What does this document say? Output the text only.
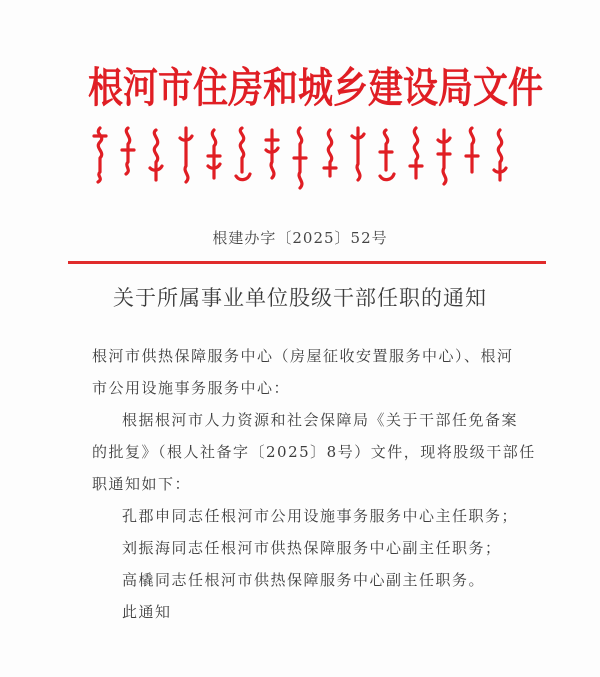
根河市住房和城乡建设局文件
根建办字〔2025〕52号
关于所属事业单位股级干部任职的通知
根河市供热保障服务中心（房屋征收安置服务中心）、根河
市公用设施事务服务中心：
根据根河市人力资源和社会保障局《关于干部任免备案
的批复》（根人社备字〔2025〕8号）文件，现将股级干部任
职通知如下：
孔郡申同志任根河市公用设施事务服务中心主任职务；
刘振海同志任根河市供热保障服务中心副主任职务；
高橇同志任根河市供热保障服务中心副主任职务。
此通知
